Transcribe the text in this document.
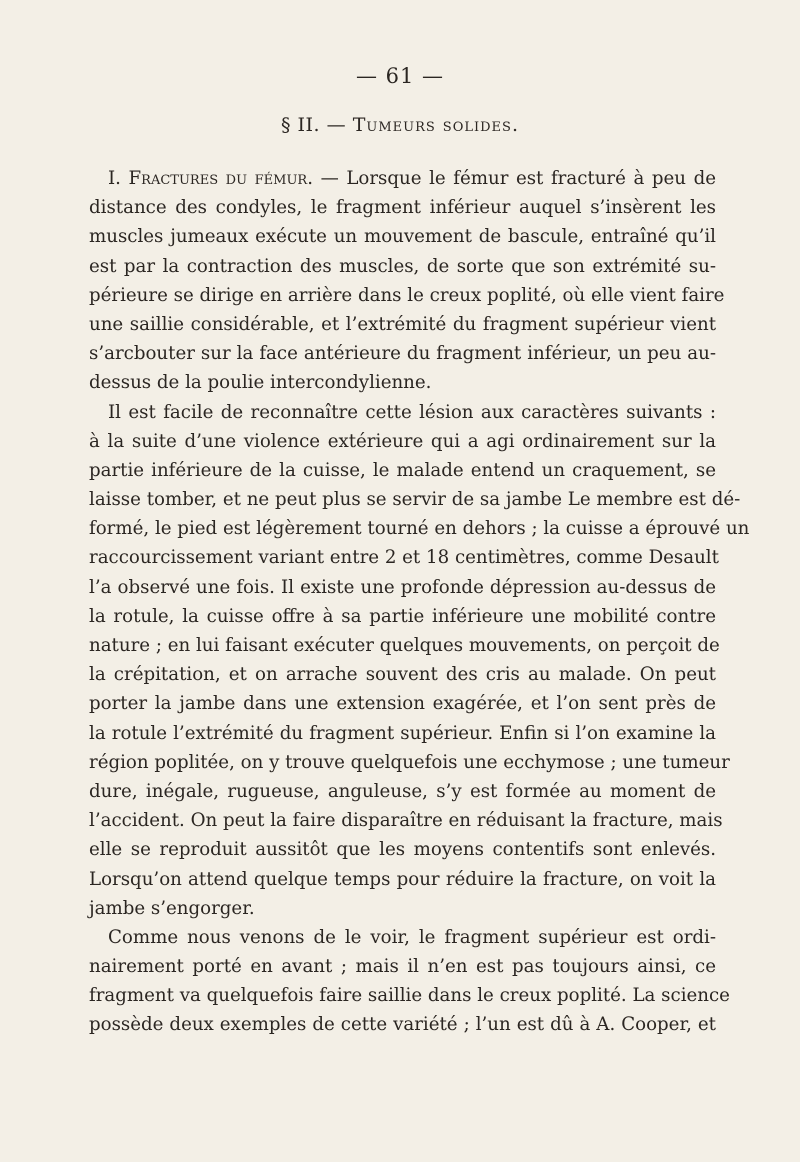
— 61 —
§ II. — Tumeurs solides.
I. Fractures du fémur. — Lorsque le fémur est fracturé à peu de
distance des condyles, le fragment inférieur auquel s’insèrent les
muscles jumeaux exécute un mouvement de bascule, entraîné qu’il
est par la contraction des muscles, de sorte que son extrémité su-
périeure se dirige en arrière dans le creux poplité, où elle vient faire
une saillie considérable, et l’extrémité du fragment supérieur vient
s’arcbouter sur la face antérieure du fragment inférieur, un peu au-
dessus de la poulie intercondylienne.
Il est facile de reconnaître cette lésion aux caractères suivants :
à la suite d’une violence extérieure qui a agi ordinairement sur la
partie inférieure de la cuisse, le malade entend un craquement, se
laisse tomber, et ne peut plus se servir de sa jambe Le membre est dé-
formé, le pied est légèrement tourné en dehors ; la cuisse a éprouvé un
raccourcissement variant entre 2 et 18 centimètres, comme Desault
l’a observé une fois. Il existe une profonde dépression au-dessus de
la rotule, la cuisse offre à sa partie inférieure une mobilité contre
nature ; en lui faisant exécuter quelques mouvements, on perçoit de
la crépitation, et on arrache souvent des cris au malade. On peut
porter la jambe dans une extension exagérée, et l’on sent près de
la rotule l’extrémité du fragment supérieur. Enfin si l’on examine la
région poplitée, on y trouve quelquefois une ecchymose ; une tumeur
dure, inégale, rugueuse, anguleuse, s’y est formée au moment de
l’accident. On peut la faire disparaître en réduisant la fracture, mais
elle se reproduit aussitôt que les moyens contentifs sont enlevés.
Lorsqu’on attend quelque temps pour réduire la fracture, on voit la
jambe s’engorger.
Comme nous venons de le voir, le fragment supérieur est ordi-
nairement porté en avant ; mais il n’en est pas toujours ainsi, ce
fragment va quelquefois faire saillie dans le creux poplité. La science
possède deux exemples de cette variété ; l’un est dû à A. Cooper, et
